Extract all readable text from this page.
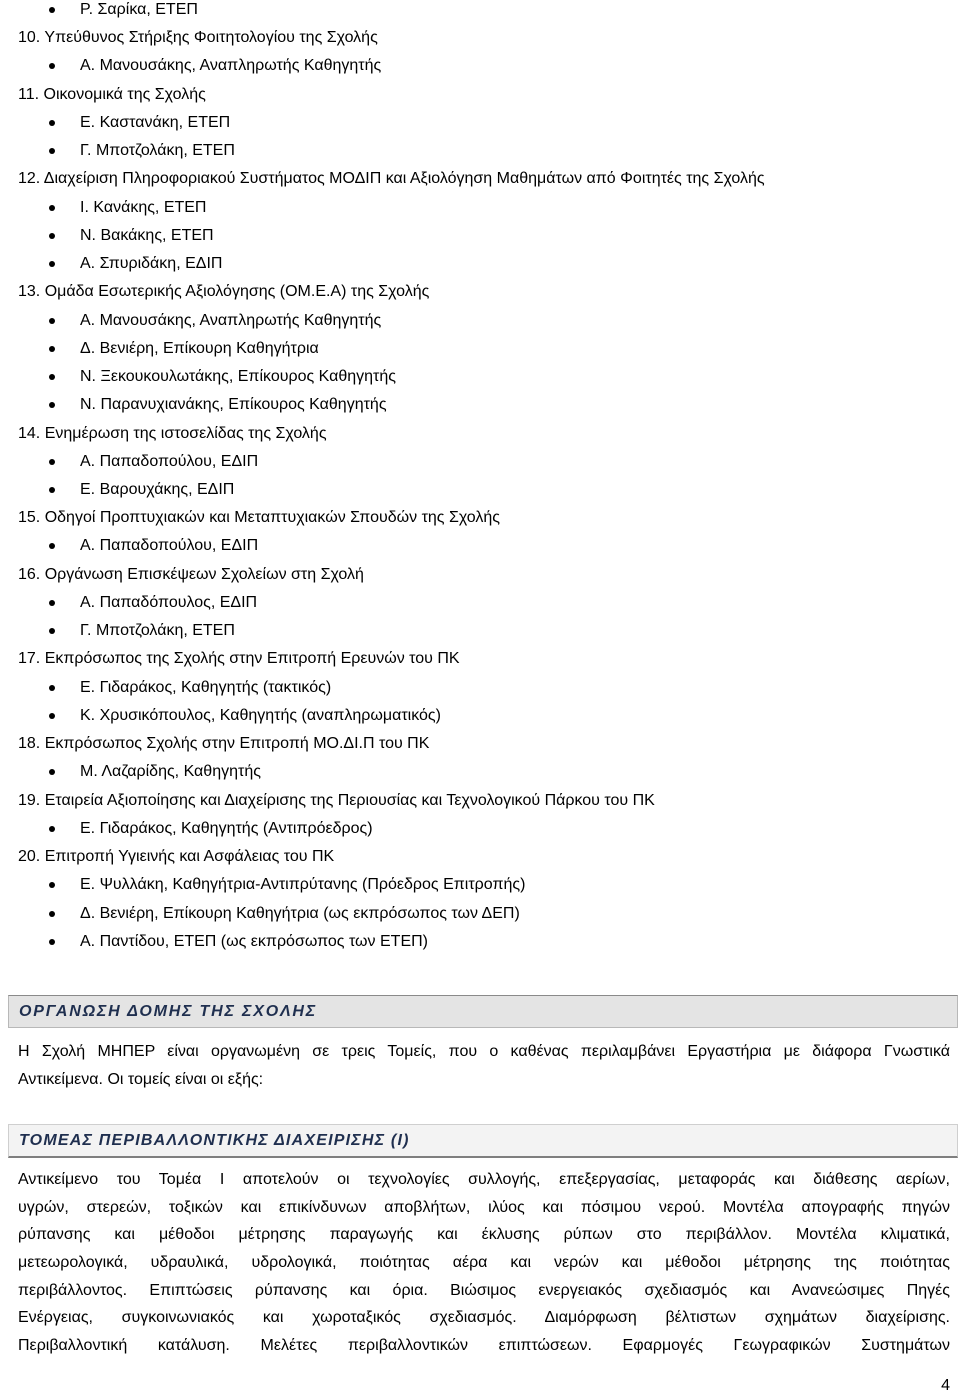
Ρ. Σαρίκα, ΕΤΕΠ
10. Υπεύθυνος Στήριξης Φοιτητολογίου της Σχολής
Α. Μανουσάκης, Αναπληρωτής Καθηγητής
11. Οικονομικά της Σχολής
Ε. Καστανάκη, ΕΤΕΠ
Γ. Μποτζολάκη, ΕΤΕΠ
12. Διαχείριση Πληροφοριακού Συστήματος ΜΟΔΙΠ και Αξιολόγηση Μαθημάτων από Φοιτητές της Σχολής
Ι. Κανάκης, ΕΤΕΠ
Ν. Βακάκης, ΕΤΕΠ
Α. Σπυριδάκη, ΕΔΙΠ
13. Ομάδα Εσωτερικής Αξιολόγησης (ΟΜ.Ε.Α) της Σχολής
Α. Μανουσάκης, Αναπληρωτής Καθηγητής
Δ. Βενιέρη, Επίκουρη Καθηγήτρια
Ν. Ξεκουκουλωτάκης, Επίκουρος Καθηγητής
Ν. Παρανυχιανάκης, Επίκουρος Καθηγητής
14. Ενημέρωση της ιστοσελίδας της Σχολής
Α. Παπαδοπούλου, ΕΔΙΠ
Ε. Βαρουχάκης, ΕΔΙΠ
15. Οδηγοί Προπτυχιακών και Μεταπτυχιακών Σπουδών της Σχολής
Α. Παπαδοπούλου, ΕΔΙΠ
16. Οργάνωση Επισκέψεων Σχολείων στη Σχολή
Α. Παπαδόπουλος, ΕΔΙΠ
Γ. Μποτζολάκη, ΕΤΕΠ
17. Εκπρόσωπος της Σχολής στην Επιτροπή Ερευνών του ΠΚ
Ε. Γιδαράκος, Καθηγητής (τακτικός)
Κ. Χρυσικόπουλος, Καθηγητής (αναπληρωματικός)
18. Εκπρόσωπος Σχολής στην Επιτροπή ΜΟ.ΔΙ.Π του ΠΚ
Μ. Λαζαρίδης, Καθηγητής
19. Εταιρεία Αξιοποίησης και Διαχείρισης της Περιουσίας και Τεχνολογικού Πάρκου του ΠΚ
Ε. Γιδαράκος, Καθηγητής (Αντιπρόεδρος)
20. Επιτροπή Υγιεινής και Ασφάλειας του ΠΚ
Ε. Ψυλλάκη, Καθηγήτρια-Αντιπρύτανης (Πρόεδρος Επιτροπής)
Δ. Βενιέρη, Επίκουρη Καθηγήτρια (ως εκπρόσωπος των ΔΕΠ)
Α. Παντίδου, ΕΤΕΠ (ως εκπρόσωπος των ΕΤΕΠ)
ΟΡΓΑΝΩΣΗ ΔΟΜΗΣ ΤΗΣ ΣΧΟΛΗΣ
Η Σχολή ΜΗΠΕΡ είναι οργανωμένη σε τρεις Τομείς, που ο καθένας περιλαμβάνει Εργαστήρια με διάφορα Γνωστικά
Αντικείμενα. Οι τομείς είναι οι εξής:
ΤΟΜΕΑΣ ΠΕΡΙΒΑΛΛΟΝΤΙΚΗΣ ΔΙΑΧΕΙΡΙΣΗΣ (Ι)
Αντικείμενο του Τομέα Ι αποτελούν οι τεχνολογίες συλλογής, επεξεργασίας, μεταφοράς και διάθεσης αερίων,
υγρών, στερεών, τοξικών και επικίνδυνων αποβλήτων, ιλύος και πόσιμου νερού. Μοντέλα απογραφής πηγών
ρύπανσης και μέθοδοι μέτρησης παραγωγής και έκλυσης ρύπων στο περιβάλλον. Μοντέλα κλιματικά,
μετεωρολογικά, υδραυλικά, υδρολογικά, ποιότητας αέρα και νερών και μέθοδοι μέτρησης της ποιότητας
περιβάλλοντος. Επιπτώσεις ρύπανσης και όρια. Βιώσιμος ενεργειακός σχεδιασμός και Ανανεώσιμες Πηγές
Ενέργειας, συγκοινωνιακός και χωροταξικός σχεδιασμός. Διαμόρφωση βέλτιστων σχημάτων διαχείρισης.
Περιβαλλοντική κατάλυση. Μελέτες περιβαλλοντικών επιπτώσεων. Εφαρμογές Γεωγραφικών Συστημάτων
4
